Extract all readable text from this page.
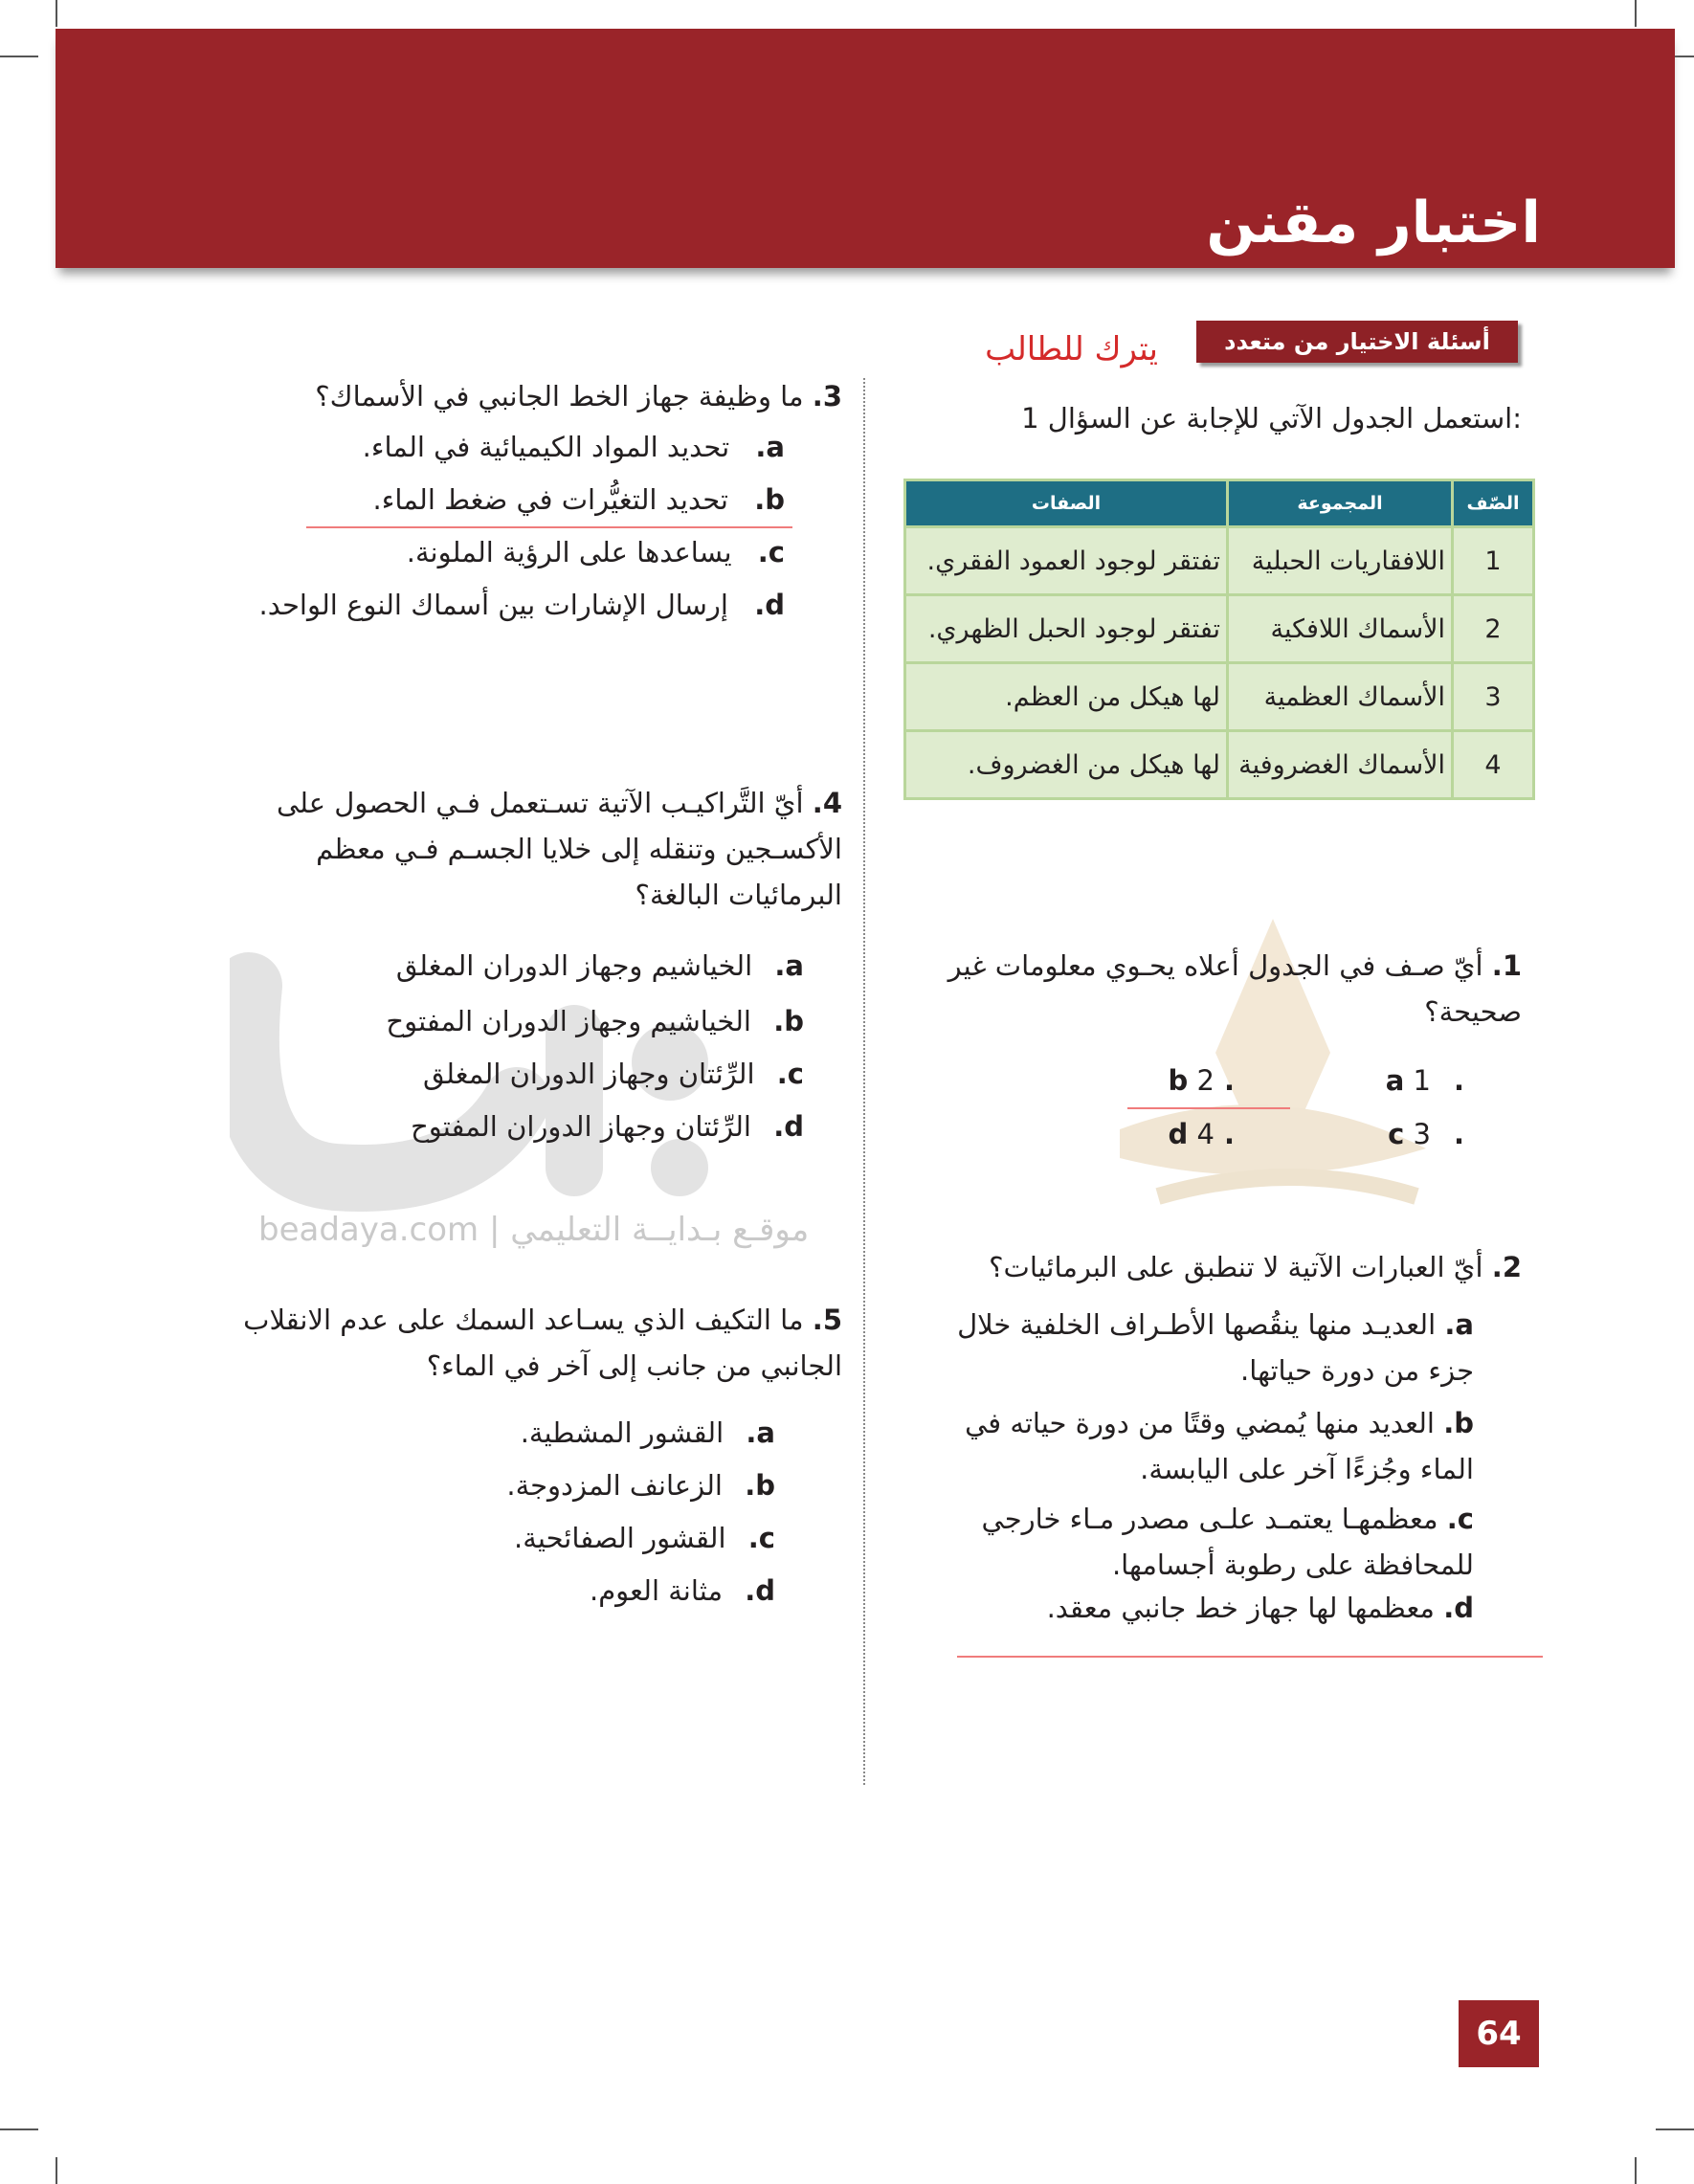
اختبار مقنن
أسئلة الاختيار من متعدد
يترك للطالب
beadaya.com | موقـع بـدايــة التعليمي
استعمل الجدول الآتي للإجابة عن السؤال 1:
الصّف	المجموعة	الصفات
1	اللافقاريات الحبلية	تفتقر لوجود العمود الفقري.
2	الأسماك اللافكية	تفتقر لوجود الحبل الظهري.
3	الأسماك العظمية	لها هيكل من العظم.
4	الأسماك الغضروفية	لها هيكل من الغضروف.
1. أيّ صـف في الجدول أعلاه يحـوي معلومات غير صحيحة؟
.a 1
.b 2
.c 3
.d 4
2. أيّ العبارات الآتية لا تنطبق على البرمائيات؟
a. العديـد منها ينقُصها الأطـراف الخلفية خلال جزء من دورة حياتها.
b. العديد منها يُمضي وقتًا من دورة حياته في الماء وجُزءًا آخر على اليابسة.
c. معظمهـا يعتمـد علـى مصدر مـاء خارجي للمحافظة على رطوبة أجسامها.
d. معظمها لها جهاز خط جانبي معقد.
3. ما وظيفة جهاز الخط الجانبي في الأسماك؟
a. تحديد المواد الكيميائية في الماء.
b. تحديد التغيُّرات في ضغط الماء.
c. يساعدها على الرؤية الملونة.
d. إرسال الإشارات بين أسماك النوع الواحد.
4. أيّ التَّراكيـب الآتية تسـتعمل فـي الحصول على الأكسـجين وتنقله إلى خلايا الجسـم فـي معظم البرمائيات البالغة؟
a. الخياشيم وجهاز الدوران المغلق
b. الخياشيم وجهاز الدوران المفتوح
c. الرِّئتان وجهاز الدوران المغلق
d. الرِّئتان وجهاز الدوران المفتوح
5. ما التكيف الذي يسـاعد السمك على عدم الانقلاب الجانبي من جانب إلى آخر في الماء؟
a. القشور المشطية.
b. الزعانف المزدوجة.
c. القشور الصفائحية.
d. مثانة العوم.
64
